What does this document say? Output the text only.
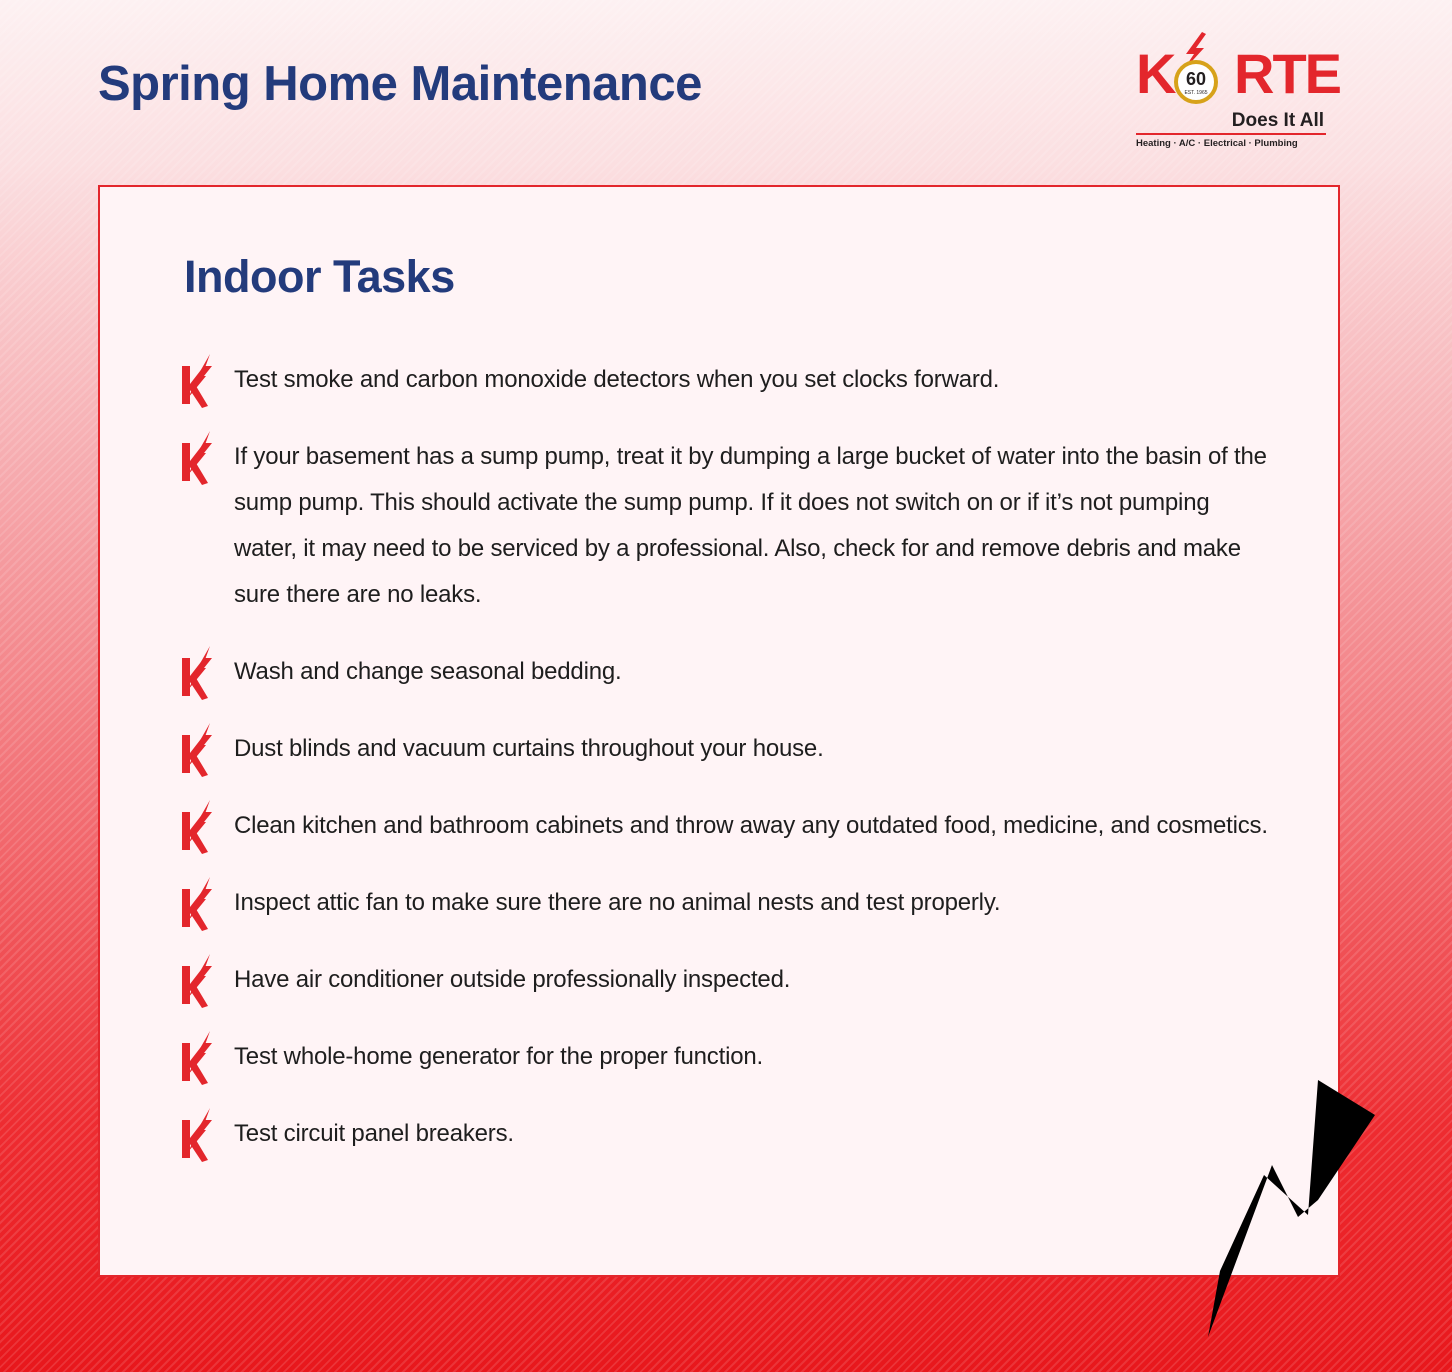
Spring Home Maintenance	K RTE
60
EST. 1965
Does It All
Heating · A/C · Electrical · Plumbing
Indoor Tasks
Test smoke and carbon monoxide detectors when you set clocks forward.
If your basement has a sump pump, treat it by dumping a large bucket of water into the basin of the sump pump. This should activate the sump pump. If it does not switch on or if it’s not pumping water, it may need to be serviced by a professional. Also, check for and remove debris and make sure there are no leaks.
Wash and change seasonal bedding.
Dust blinds and vacuum curtains throughout your house.
Clean kitchen and bathroom cabinets and throw away any outdated food, medicine, and cosmetics.
Inspect attic fan to make sure there are no animal nests and test properly.
Have air conditioner outside professionally inspected.
Test whole-home generator for the proper function.
Test circuit panel breakers.
